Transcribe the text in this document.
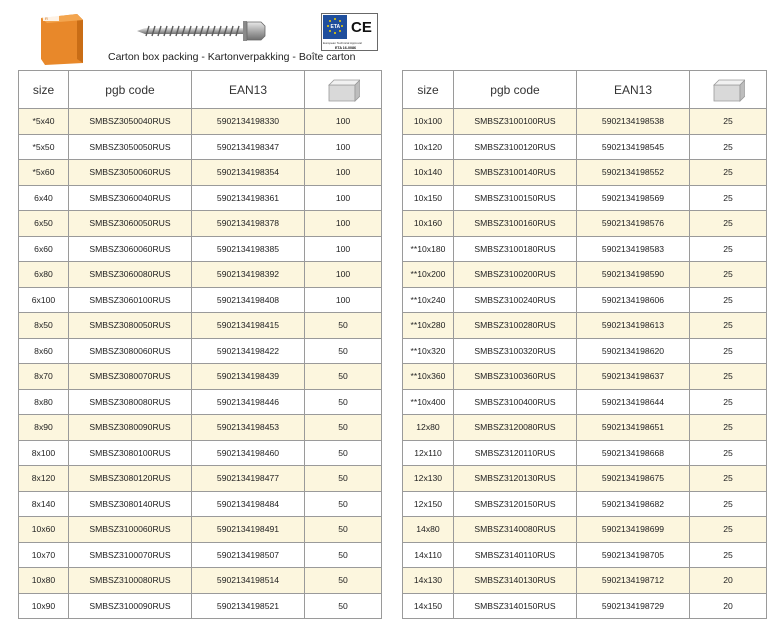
R
ETA CE
European Technical Approval
ETA 16-0086
Carton box packing - Kartonverpakking - Boîte carton
size	pgb code	EAN13	
*5x40	SMBSZ3050040RUS	5902134198330	100
*5x50	SMBSZ3050050RUS	5902134198347	100
*5x60	SMBSZ3050060RUS	5902134198354	100
6x40	SMBSZ3060040RUS	5902134198361	100
6x50	SMBSZ3060050RUS	5902134198378	100
6x60	SMBSZ3060060RUS	5902134198385	100
6x80	SMBSZ3060080RUS	5902134198392	100
6x100	SMBSZ3060100RUS	5902134198408	100
8x50	SMBSZ3080050RUS	5902134198415	50
8x60	SMBSZ3080060RUS	5902134198422	50
8x70	SMBSZ3080070RUS	5902134198439	50
8x80	SMBSZ3080080RUS	5902134198446	50
8x90	SMBSZ3080090RUS	5902134198453	50
8x100	SMBSZ3080100RUS	5902134198460	50
8x120	SMBSZ3080120RUS	5902134198477	50
8x140	SMBSZ3080140RUS	5902134198484	50
10x60	SMBSZ3100060RUS	5902134198491	50
10x70	SMBSZ3100070RUS	5902134198507	50
10x80	SMBSZ3100080RUS	5902134198514	50
10x90	SMBSZ3100090RUS	5902134198521	50
size	pgb code	EAN13	
10x100	SMBSZ3100100RUS	5902134198538	25
10x120	SMBSZ3100120RUS	5902134198545	25
10x140	SMBSZ3100140RUS	5902134198552	25
10x150	SMBSZ3100150RUS	5902134198569	25
10x160	SMBSZ3100160RUS	5902134198576	25
**10x180	SMBSZ3100180RUS	5902134198583	25
**10x200	SMBSZ3100200RUS	5902134198590	25
**10x240	SMBSZ3100240RUS	5902134198606	25
**10x280	SMBSZ3100280RUS	5902134198613	25
**10x320	SMBSZ3100320RUS	5902134198620	25
**10x360	SMBSZ3100360RUS	5902134198637	25
**10x400	SMBSZ3100400RUS	5902134198644	25
12x80	SMBSZ3120080RUS	5902134198651	25
12x110	SMBSZ3120110RUS	5902134198668	25
12x130	SMBSZ3120130RUS	5902134198675	25
12x150	SMBSZ3120150RUS	5902134198682	25
14x80	SMBSZ3140080RUS	5902134198699	25
14x110	SMBSZ3140110RUS	5902134198705	25
14x130	SMBSZ3140130RUS	5902134198712	20
14x150	SMBSZ3140150RUS	5902134198729	20
